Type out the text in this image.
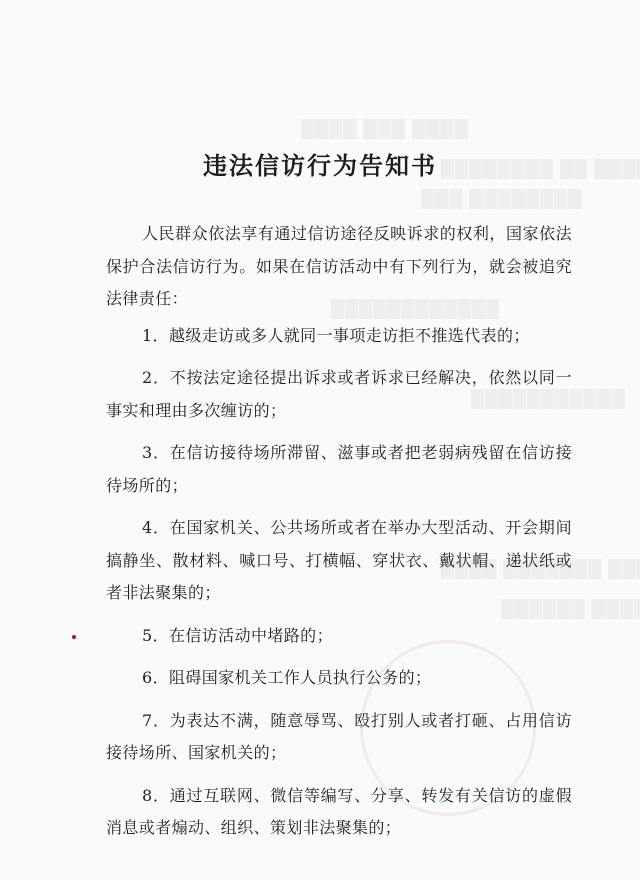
违法信访行为告知书

人民群众依法享有通过信访途径反映诉求的权利，国家依法保护合法信访行为。如果在信访活动中有下列行为，就会被追究法律责任：

1．越级走访或多人就同一事项走访拒不推选代表的；

2．不按法定途径提出诉求或者诉求已经解决，依然以同一事实和理由多次缠访的；

3．在信访接待场所滞留、滋事或者把老弱病残留在信访接待场所的；

4．在国家机关、公共场所或者在举办大型活动、开会期间搞静坐、散材料、喊口号、打横幅、穿状衣、戴状帽、递状纸或者非法聚集的；

5．在信访活动中堵路的；

6．阻碍国家机关工作人员执行公务的；

7．为表达不满，随意辱骂、殴打别人或者打砸、占用信访接待场所、国家机关的；

8．通过互联网、微信等编写、分享、转发有关信访的虚假消息或者煽动、组织、策划非法聚集的；
